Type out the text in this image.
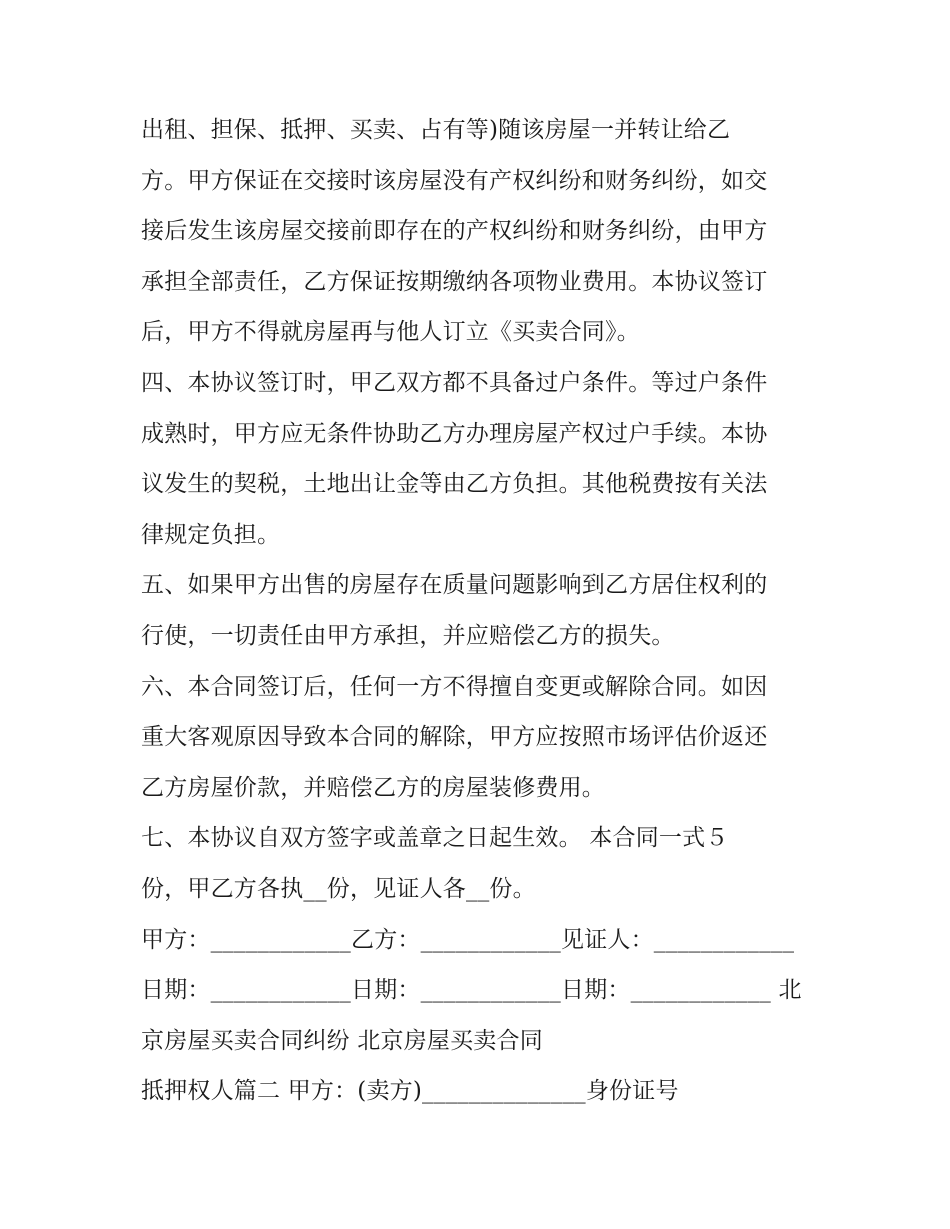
出租、担保、抵押、买卖、占有等)随该房屋一并转让给乙
方。甲方保证在交接时该房屋没有产权纠纷和财务纠纷，如交
接后发生该房屋交接前即存在的产权纠纷和财务纠纷，由甲方
承担全部责任，乙方保证按期缴纳各项物业费用。本协议签订
后，甲方不得就房屋再与他人订立《买卖合同》。
四、本协议签订时，甲乙双方都不具备过户条件。等过户条件
成熟时，甲方应无条件协助乙方办理房屋产权过户手续。本协
议发生的契税，土地出让金等由乙方负担。其他税费按有关法
律规定负担。
五、如果甲方出售的房屋存在质量问题影响到乙方居住权利的
行使，一切责任由甲方承担，并应赔偿乙方的损失。
六、本合同签订后，任何一方不得擅自变更或解除合同。如因
重大客观原因导致本合同的解除，甲方应按照市场评估价返还
乙方房屋价款，并赔偿乙方的房屋装修费用。
七、本协议自双方签字或盖章之日起生效。 本合同一式５
份，甲乙方各执__份，见证人各__份。
甲方：____________乙方：____________见证人：____________
日期：____________日期：____________日期：____________ 北
京房屋买卖合同纠纷 北京房屋买卖合同
抵押权人篇二 甲方：(卖方)______________身份证号
